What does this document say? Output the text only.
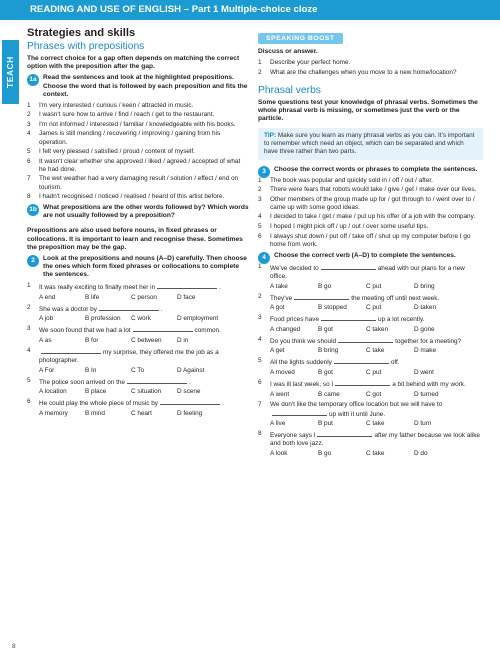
READING AND USE OF ENGLISH – Part 1 Multiple-choice cloze
TEACH
Strategies and skills
Phrases with prepositions

The correct choice for a gap often depends on matching the correct option with the preposition after the gap.

1a Read the sentences and look at the highlighted prepositions. Choose the word that is followed by each preposition and fits the context.
1 I'm very interested / curious / keen / attracted in music.
2 I wasn't sure how to arrive / find / reach / get to the restaurant.
3 I'm not informed / interested / familiar / knowledgeable with his books.
4 James is still mending / recovering / improving / gaining from his operation.
5 I felt very pleased / satisfied / proud / content of myself.
6 It wasn't clear whether she approved / liked / agreed / accepted of what he had done.
7 The wet weather had a very damaging result / solution / effect / end on tourism.
8 I hadn't recognised / noticed / realised / heard of this artist before.
1b What prepositions are the other words followed by? Which words are not usually followed by a preposition?

Prepositions are also used before nouns, in fixed phrases or collocations. It is important to learn and recognise these. Sometimes the preposition may be the gap.

2	Look at the prepositions and nouns (A–D) carefully. Then choose the ones which form fixed phrases or collocations to complete the sentences.
1 It was really exciting to finally meet her in	.
A end	B life	C person	D face
2 She was a doctor by	.
A job	B profession	C work	D employment
3 We soon found that we had a lot	common.
A as	B for	C between	D in
4	my surprise, they offered me the job as a photographer.
A For	B In	C To	D Against
5 The police soon arrived on the	.
A location	B place	C situation	D scene
6 He could play the whole piece of music by	.
A memory	B mind	C heart	D feeling
SPEAKING BOOST

Discuss or answer.

1 Describe your perfect home.
2 What are the challenges when you move to a new home/location?
Phrasal verbs

Some questions test your knowledge of phrasal verbs. Sometimes the whole phrasal verb is missing, or sometimes just the verb or the particle.

TIP: Make sure you learn as many phrasal verbs as you can. It's important to remember which need an object, which can be separated and which have three rather than two parts.
3	Choose the correct words or phrases to complete the sentences.
1 The book was popular and quickly sold in / off / out / after.
2 There were fears that robots would take / give / get / make over our lives.
3 Other members of the group made up for / got through to / went over to / came up with some good ideas.
4 I decided to take / get / make / put up his offer of a job with the company.
5 I hoped I might pick off / up / out / over some useful tips.
6 I always shut down / put off / take off / shut up my computer before I go home from work.
4	Choose the correct verb (A–D) to complete the sentences.
1 We've decided to	ahead with our plans for a new office.
A take	B go	C put	D bring
2 They've	the meeting off until next week.
A got	B stopped	C put	D taken
3 Food prices have	up a lot recently.
A changed	B got	C taken	D gone
4 Do you think we should	together for a meeting?
A get	B bring	C take	D make
5 All the lights suddenly	off.
A moved	B got	C put	D went
6 I was ill last week, so I	a bit behind with my work.
A went	B came	C got	D turned
7 We don't like the temporary office location but we will have toup with it until June.
A live	B put	C take	D turn
8 Everyone says I	after my father because we look alike and both love jazz.
A look	B go	C take	D do
8
